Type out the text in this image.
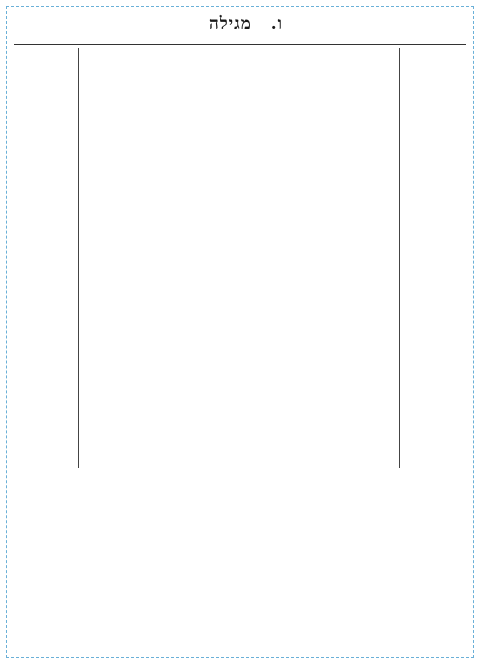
ו. מגילה
